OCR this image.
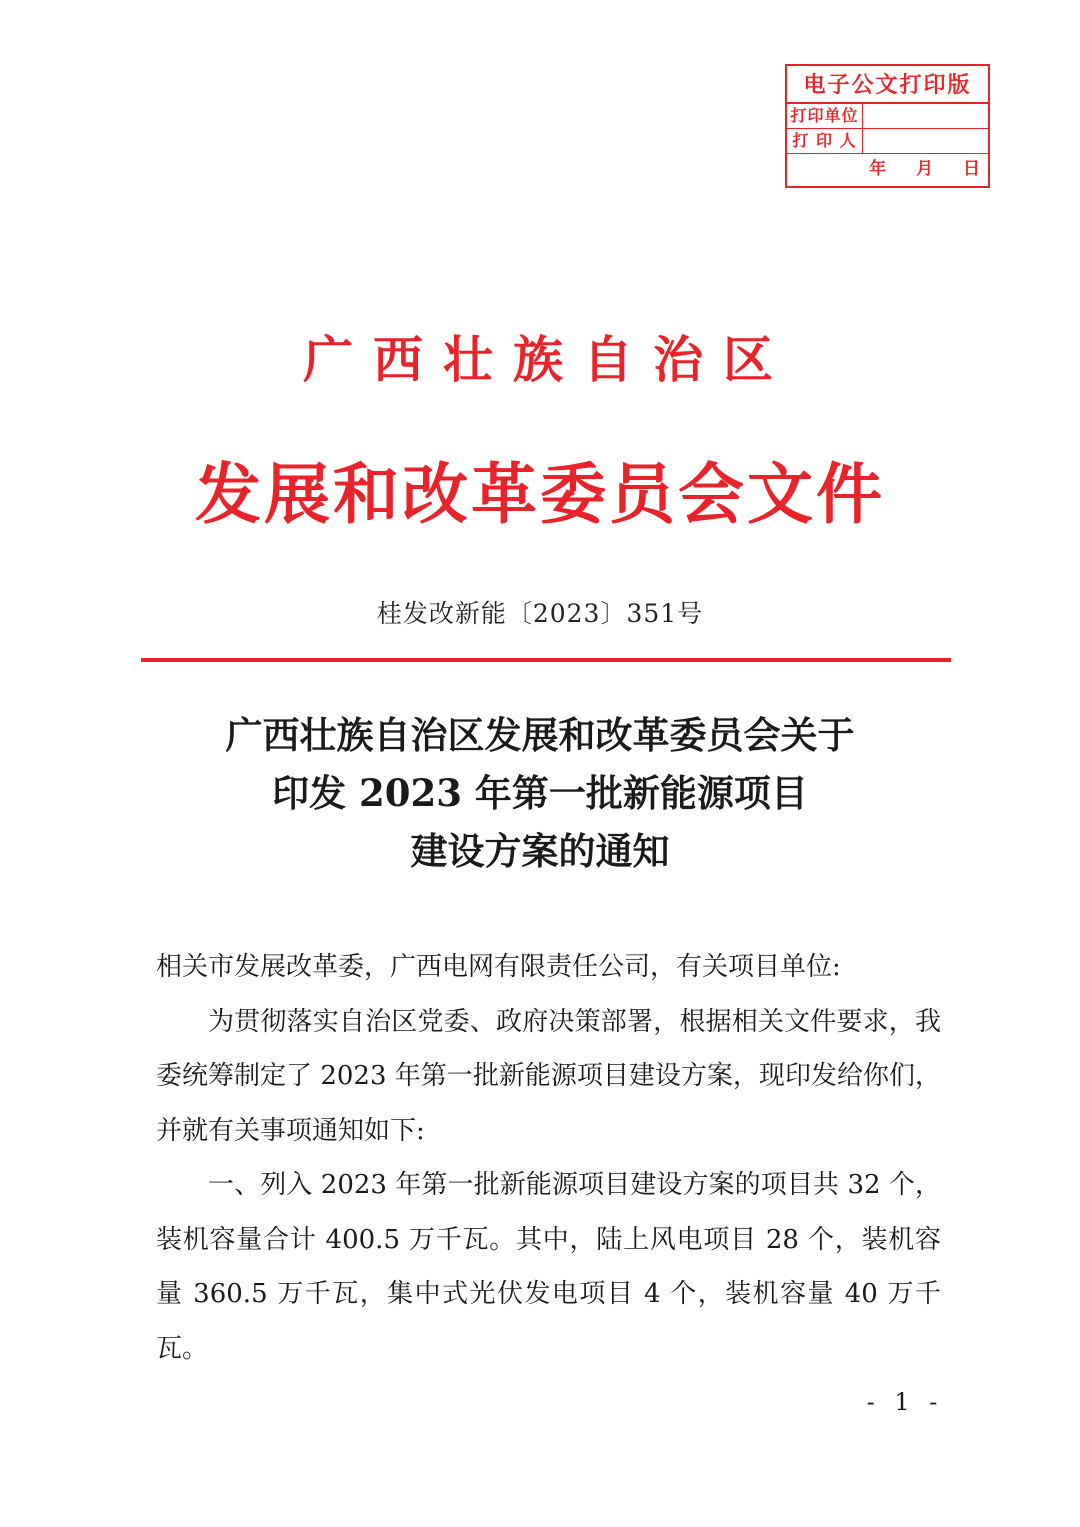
电子公文打印版
打印单位
打 印 人
年 月 日
广西壮族自治区
发展和改革委员会文件
桂发改新能〔2023〕351号
广西壮族自治区发展和改革委员会关于
印发 2023 年第一批新能源项目
建设方案的通知

相关市发展改革委，广西电网有限责任公司，有关项目单位:

为贯彻落实自治区党委、政府决策部署，根据相关文件要求，我委统筹制定了 2023 年第一批新能源项目建设方案，现印发给你们，并就有关事项通知如下:

一、列入 2023 年第一批新能源项目建设方案的项目共 32 个，装机容量合计 400.5 万千瓦。其中，陆上风电项目 28 个，装机容量 360.5 万千瓦，集中式光伏发电项目 4 个，装机容量 40 万千瓦。

- 1 -
